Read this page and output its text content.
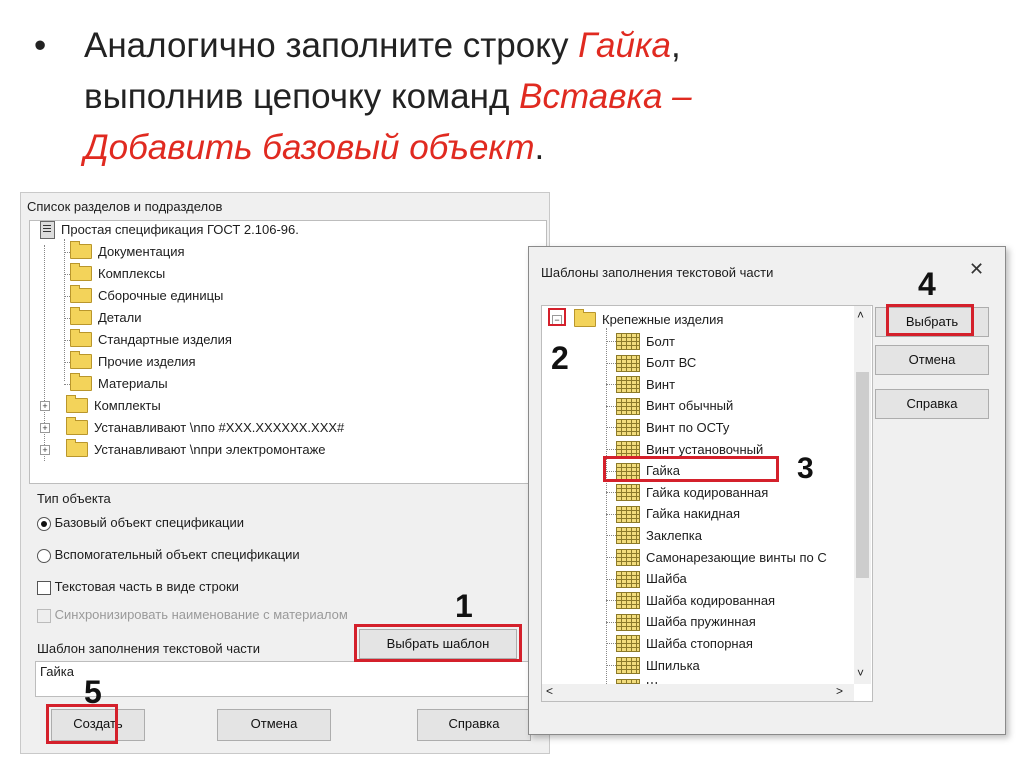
• Аналогично заполните строку Гайка,
выполнив цепочку команд Вставка –
Добавить базовый объект.
Список разделов и подразделов
Простая спецификация ГОСТ 2.106-96.
Документация
Комплексы
Сборочные единицы
Детали
Стандартные изделия
Прочие изделия
Материалы
+	Комплекты
+	Устанавливают \nпо #XXX.XXXXXX.XXX#
+	Устанавливают \nпри электромонтаже
Тип объекта
Базовый объект спецификации
Вспомогательный объект спецификации
Текстовая часть в виде строки
Синхронизировать наименование с материалом
Шаблон заполнения текстовой части
Гайка
Выбрать шаблон
Создать	Отмена	Справка
Шаблоны заполнения текстовой части	✕
−	Крепежные изделия
Болт
Болт ВС
Винт
Винт обычный
Винт по ОСТу
Винт установочный
Гайка
Гайка кодированная
Гайка накидная
Заклепка
Самонарезающие винты по С
Шайба
Шайба кодированная
Шайба пружинная
Шайба стопорная
Шпилька
˄
˅
<	>
Выбрать
Отмена
Справка
1
2
3
4
5
